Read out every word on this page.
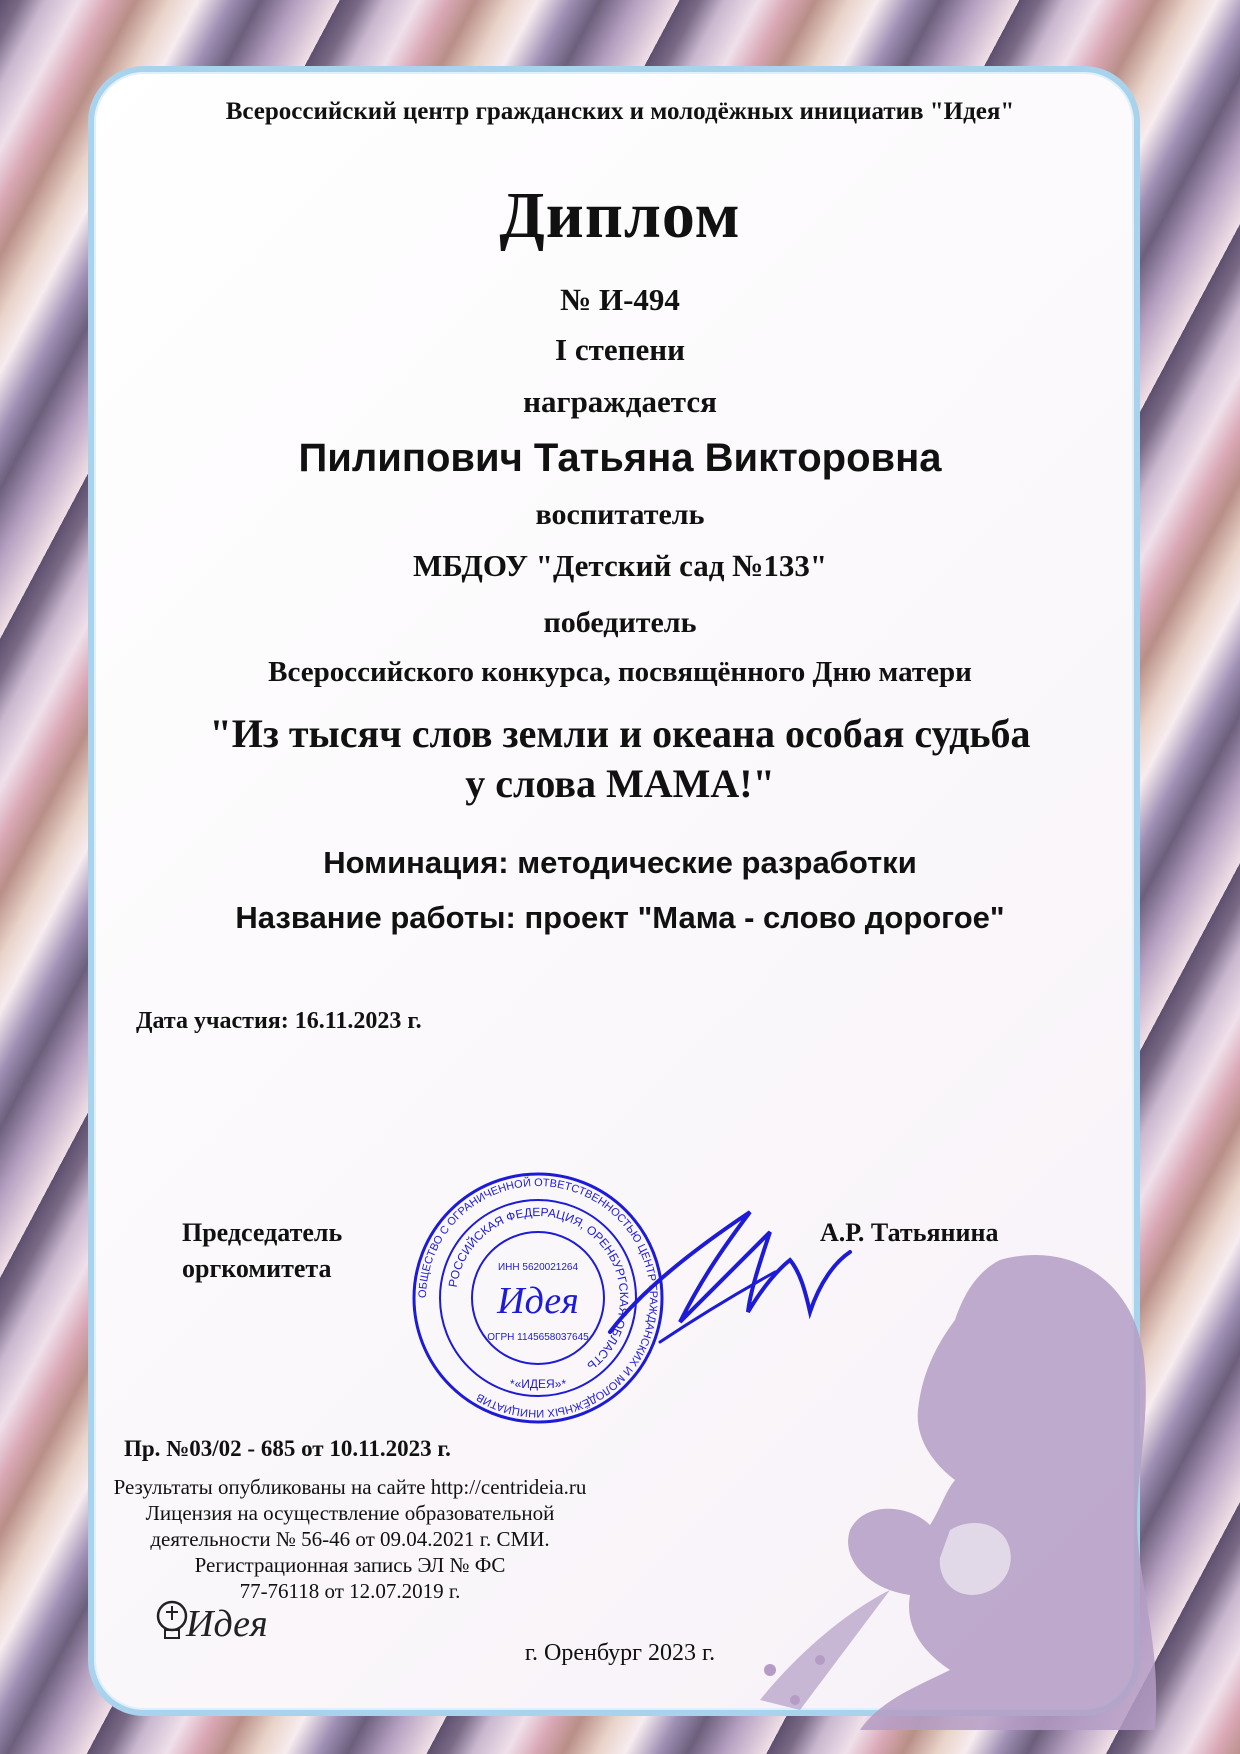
Всероссийский центр гражданских и молодёжных инициатив "Идея"
Диплом
№ И-494
I степени
награждается
Пилипович Татьяна Викторовна
воспитатель
МБДОУ "Детский сад №133"
победитель
Всероссийского конкурса, посвящённого Дню матери
"Из тысяч слов земли и океана особая судьба
у слова МАМА!"
Номинация: методические разработки
Название работы: проект "Мама - слово дорогое"
Дата участия: 16.11.2023 г.
Председатель
оргкомитета
А.Р. Татьянина
ОБЩЕСТВО С ОГРАНИЧЕННОЙ ОТВЕТСТВЕННОСТЬЮ ЦЕНТР ГРАЖДАНСКИХ И МОЛОДЁЖНЫХ ИНИЦИАТИВ
РОССИЙСКАЯ ФЕДЕРАЦИЯ, ОРЕНБУРГСКАЯ ОБЛАСТЬ
ИНН 5620021264
Идея
ОГРН 1145658037645
*«ИДЕЯ»*
Пр. №03/02 - 685 от 10.11.2023 г.
Результаты опубликованы на сайте http://centrideia.ru
Лицензия на осуществление образовательной
деятельности № 56-46 от 09.04.2021 г. СМИ.
Регистрационная запись ЭЛ № ФС
77-76118 от 12.07.2019 г.
Идея
г. Оренбург 2023 г.
